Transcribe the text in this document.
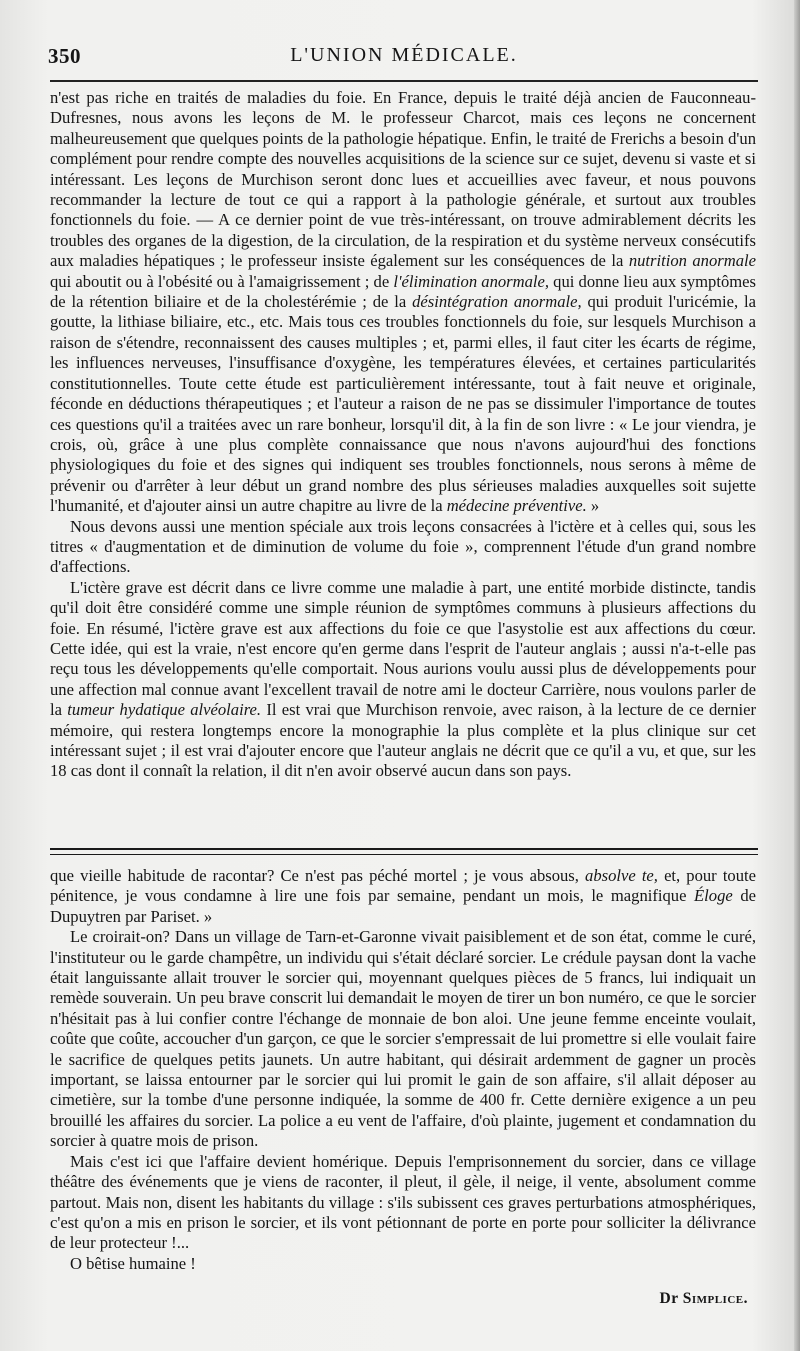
350	L'UNION MÉDICALE.

n'est pas riche en traités de maladies du foie. En France, depuis le traité déjà ancien de Fauconneau-Dufresnes, nous avons les leçons de M. le professeur Charcot, mais ces leçons ne concernent malheureusement que quelques points de la pathologie hépatique. Enfin, le traité de Frerichs a besoin d'un complément pour rendre compte des nouvelles acquisitions de la science sur ce sujet, devenu si vaste et si intéressant. Les leçons de Murchison seront donc lues et accueillies avec faveur, et nous pouvons recommander la lecture de tout ce qui a rapport à la pathologie générale, et surtout aux troubles fonctionnels du foie. — A ce dernier point de vue très-intéressant, on trouve admirablement décrits les troubles des organes de la digestion, de la circulation, de la respiration et du système nerveux consécutifs aux maladies hépatiques ; le professeur insiste également sur les conséquences de la nutrition anormale qui aboutit ou à l'obésité ou à l'amaigrissement ; de l'élimination anormale, qui donne lieu aux symptômes de la rétention biliaire et de la cholestérémie ; de la désintégration anormale, qui produit l'uricémie, la goutte, la lithiase biliaire, etc., etc. Mais tous ces troubles fonctionnels du foie, sur lesquels Murchison a raison de s'étendre, reconnaissent des causes multiples ; et, parmi elles, il faut citer les écarts de régime, les influences nerveuses, l'insuffisance d'oxygène, les températures élevées, et certaines particularités constitutionnelles. Toute cette étude est particulièrement intéressante, tout à fait neuve et originale, féconde en déductions thérapeutiques ; et l'auteur a raison de ne pas se dissimuler l'importance de toutes ces questions qu'il a traitées avec un rare bonheur, lorsqu'il dit, à la fin de son livre : « Le jour viendra, je crois, où, grâce à une plus complète connaissance que nous n'avons aujourd'hui des fonctions physiologiques du foie et des signes qui indiquent ses troubles fonctionnels, nous serons à même de prévenir ou d'arrêter à leur début un grand nombre des plus sérieuses maladies auxquelles soit sujette l'humanité, et d'ajouter ainsi un autre chapitre au livre de la médecine préventive. »

Nous devons aussi une mention spéciale aux trois leçons consacrées à l'ictère et à celles qui, sous les titres « d'augmentation et de diminution de volume du foie », comprennent l'étude d'un grand nombre d'affections.

L'ictère grave est décrit dans ce livre comme une maladie à part, une entité morbide distincte, tandis qu'il doit être considéré comme une simple réunion de symptômes communs à plusieurs affections du foie. En résumé, l'ictère grave est aux affections du foie ce que l'asystolie est aux affections du cœur. Cette idée, qui est la vraie, n'est encore qu'en germe dans l'esprit de l'auteur anglais ; aussi n'a-t-elle pas reçu tous les développements qu'elle comportait. Nous aurions voulu aussi plus de développements pour une affection mal connue avant l'excellent travail de notre ami le docteur Carrière, nous voulons parler de la tumeur hydatique alvéolaire. Il est vrai que Murchison renvoie, avec raison, à la lecture de ce dernier mémoire, qui restera longtemps encore la monographie la plus complète et la plus clinique sur cet intéressant sujet ; il est vrai d'ajouter encore que l'auteur anglais ne décrit que ce qu'il a vu, et que, sur les 18 cas dont il connaît la relation, il dit n'en avoir observé aucun dans son pays.

que vieille habitude de racontar? Ce n'est pas péché mortel ; je vous absous, absolve te, et, pour toute pénitence, je vous condamne à lire une fois par semaine, pendant un mois, le magnifique Éloge de Dupuytren par Pariset. »

Le croirait-on? Dans un village de Tarn-et-Garonne vivait paisiblement et de son état, comme le curé, l'instituteur ou le garde champêtre, un individu qui s'était déclaré sorcier. Le crédule paysan dont la vache était languissante allait trouver le sorcier qui, moyennant quelques pièces de 5 francs, lui indiquait un remède souverain. Un peu brave conscrit lui demandait le moyen de tirer un bon numéro, ce que le sorcier n'hésitait pas à lui confier contre l'échange de monnaie de bon aloi. Une jeune femme enceinte voulait, coûte que coûte, accoucher d'un garçon, ce que le sorcier s'empressait de lui promettre si elle voulait faire le sacrifice de quelques petits jaunets. Un autre habitant, qui désirait ardemment de gagner un procès important, se laissa entourner par le sorcier qui lui promit le gain de son affaire, s'il allait déposer au cimetière, sur la tombe d'une personne indiquée, la somme de 400 fr. Cette dernière exigence a un peu brouillé les affaires du sorcier. La police a eu vent de l'affaire, d'où plainte, jugement et condamnation du sorcier à quatre mois de prison.

Mais c'est ici que l'affaire devient homérique. Depuis l'emprisonnement du sorcier, dans ce village théâtre des événements que je viens de raconter, il pleut, il gèle, il neige, il vente, absolument comme partout. Mais non, disent les habitants du village : s'ils subissent ces graves perturbations atmosphériques, c'est qu'on a mis en prison le sorcier, et ils vont pétionnant de porte en porte pour solliciter la délivrance de leur protecteur !...

O bêtise humaine !

Dr Simplice.
